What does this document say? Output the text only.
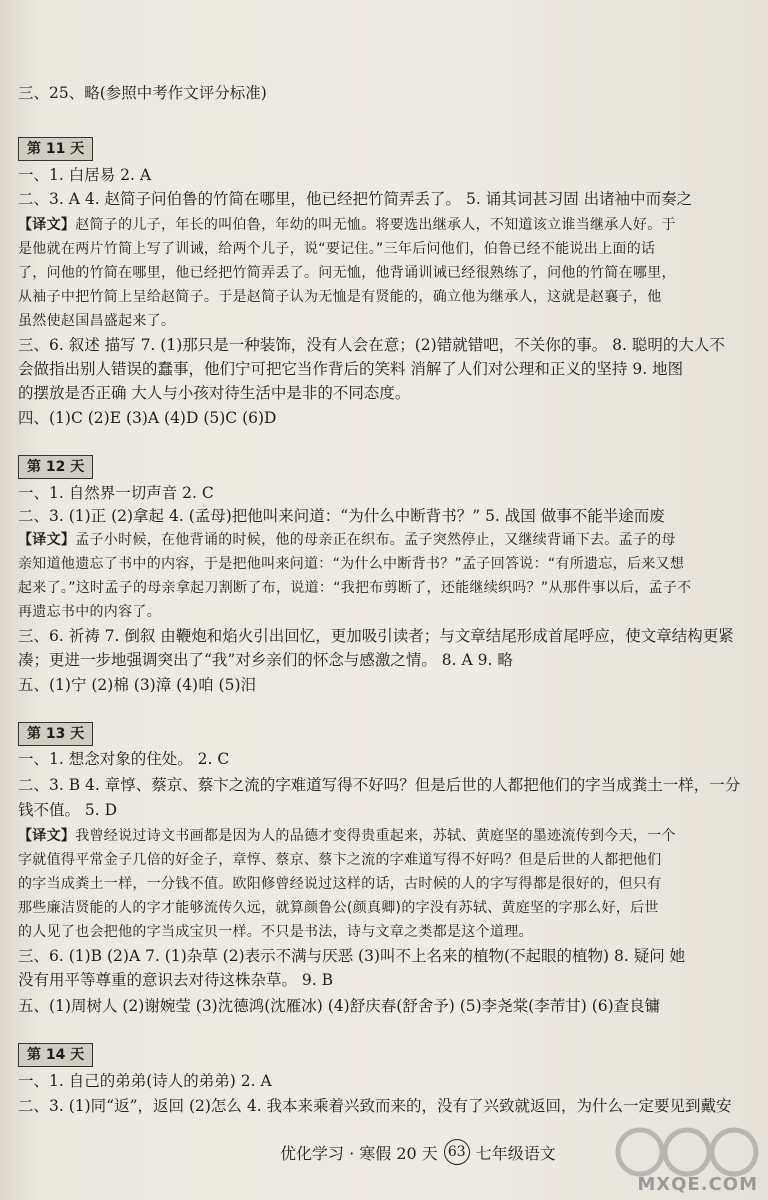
三、25、略(参照中考作文评分标准)
第 11 天
一、1. 白居易 2. A
二、3. A 4. 赵简子问伯鲁的竹简在哪里，他已经把竹简弄丢了。 5. 诵其词甚习固 出诸袖中而奏之
【译文】赵简子的儿子，年长的叫伯鲁，年幼的叫无恤。将要选出继承人，不知道该立谁当继承人好。于
是他就在两片竹简上写了训诫，给两个儿子，说“要记住。”三年后问他们，伯鲁已经不能说出上面的话
了，问他的竹简在哪里，他已经把竹简弄丢了。问无恤，他背诵训诫已经很熟练了，问他的竹简在哪里，
从袖子中把竹简上呈给赵简子。于是赵简子认为无恤是有贤能的，确立他为继承人，这就是赵襄子，他
虽然使赵国昌盛起来了。
三、6. 叙述 描写 7. (1)那只是一种装饰，没有人会在意；(2)错就错吧，不关你的事。 8. 聪明的大人不
会做指出别人错误的蠢事，他们宁可把它当作背后的笑料 消解了人们对公理和正义的坚持 9. 地图
的摆放是否正确 大人与小孩对待生活中是非的不同态度。
四、(1)C (2)E (3)A (4)D (5)C (6)D
第 12 天
一、1. 自然界一切声音 2. C
二、3. (1)正 (2)拿起 4. (孟母)把他叫来问道：“为什么中断背书？” 5. 战国 做事不能半途而废
【译文】孟子小时候，在他背诵的时候，他的母亲正在织布。孟子突然停止，又继续背诵下去。孟子的母
亲知道他遗忘了书中的内容，于是把他叫来问道：“为什么中断背书？”孟子回答说：“有所遗忘，后来又想
起来了。”这时孟子的母亲拿起刀割断了布，说道：“我把布剪断了，还能继续织吗？”从那件事以后，孟子不
再遗忘书中的内容了。
三、6. 祈祷 7. 倒叙 由鞭炮和焰火引出回忆，更加吸引读者；与文章结尾形成首尾呼应，使文章结构更紧
凑；更进一步地强调突出了“我”对乡亲们的怀念与感激之情。 8. A 9. 略
五、(1)宁 (2)棉 (3)漳 (4)咱 (5)汨
第 13 天
一、1. 想念对象的住处。 2. C
二、3. B 4. 章惇、蔡京、蔡卞之流的字难道写得不好吗？但是后世的人都把他们的字当成粪土一样，一分
钱不值。 5. D
【译文】我曾经说过诗文书画都是因为人的品德才变得贵重起来，苏轼、黄庭坚的墨迹流传到今天，一个
字就值得平常金子几倍的好金子，章惇、蔡京、蔡卞之流的字难道写得不好吗？但是后世的人都把他们
的字当成粪土一样，一分钱不值。欧阳修曾经说过这样的话，古时候的人的字写得都是很好的，但只有
那些廉洁贤能的人的字才能够流传久远，就算颜鲁公(颜真卿)的字没有苏轼、黄庭坚的字那么好，后世
的人见了也会把他的字当成宝贝一样。不只是书法，诗与文章之类都是这个道理。
三、6. (1)B (2)A 7. (1)杂草 (2)表示不满与厌恶 (3)叫不上名来的植物(不起眼的植物) 8. 疑问 她
没有用平等尊重的意识去对待这株杂草。 9. B
五、(1)周树人 (2)谢婉莹 (3)沈德鸿(沈雁冰) (4)舒庆春(舒舍予) (5)李尧棠(李芾甘) (6)查良镛
第 14 天
一、1. 自己的弟弟(诗人的弟弟) 2. A
二、3. (1)同“返”，返回 (2)怎么 4. 我本来乘着兴致而来的，没有了兴致就返回，为什么一定要见到戴安
优化学习 · 寒假 20 天 63 七年级语文
MXQE.COM
